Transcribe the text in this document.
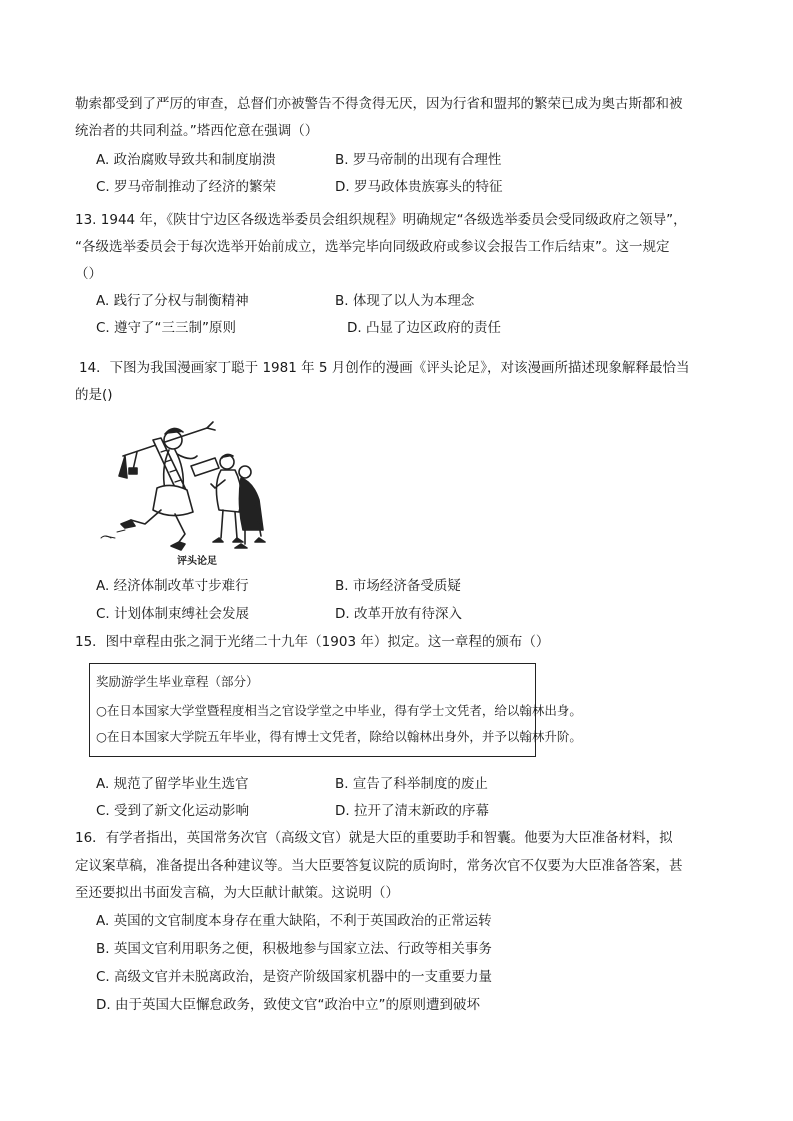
勒索都受到了严厉的审查，总督们亦被警告不得贪得无厌，因为行省和盟邦的繁荣已成为奥古斯都和被
统治者的共同利益。”塔西佗意在强调（）
A. 政治腐败导致共和制度崩溃	B. 罗马帝制的出现有合理性
C. 罗马帝制推动了经济的繁荣	D. 罗马政体贵族寡头的特征
13. 1944 年，《陕甘宁边区各级选举委员会组织规程》明确规定“各级选举委员会受同级政府之领导”，
“各级选举委员会于每次选举开始前成立，选举完毕向同级政府或参议会报告工作后结束”。这一规定
（）
A. 践行了分权与制衡精神	B. 体现了以人为本理念
C. 遵守了“三三制”原则	D. 凸显了边区政府的责任
14．下图为我国漫画家丁聪于 1981 年 5 月创作的漫画《评头论足》，对该漫画所描述现象解释最恰当
的是()
评头论足
A. 经济体制改革寸步难行	B. 市场经济备受质疑
C. 计划体制束缚社会发展	D. 改革开放有待深入
15．图中章程由张之洞于光绪二十九年（1903 年）拟定。这一章程的颁布（）
奖励游学生毕业章程（部分）
○在日本国家大学堂暨程度相当之官设学堂之中毕业，得有学士文凭者，给以翰林出身。
○在日本国家大学院五年毕业，得有博士文凭者，除给以翰林出身外，并予以翰林升阶。
A. 规范了留学毕业生选官	B. 宣告了科举制度的废止
C. 受到了新文化运动影响	D. 拉开了清末新政的序幕
16．有学者指出，英国常务次官（高级文官）就是大臣的重要助手和智囊。他要为大臣准备材料，拟
定议案草稿，准备提出各种建议等。当大臣要答复议院的质询时，常务次官不仅要为大臣准备答案，甚
至还要拟出书面发言稿，为大臣献计献策。这说明（）
A. 英国的文官制度本身存在重大缺陷，不利于英国政治的正常运转
B. 英国文官利用职务之便，积极地参与国家立法、行政等相关事务
C. 高级文官并未脱离政治，是资产阶级国家机器中的一支重要力量
D. 由于英国大臣懈怠政务，致使文官“政治中立”的原则遭到破坏
